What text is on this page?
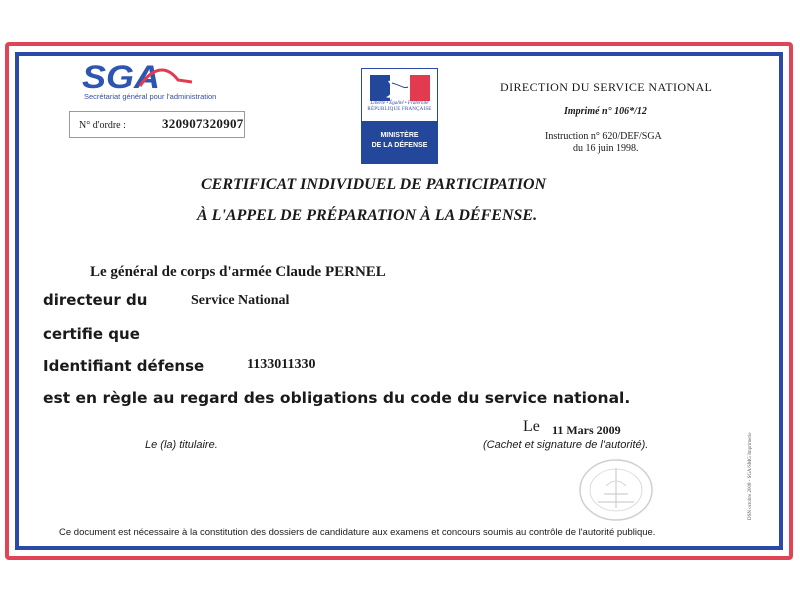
SGA
Secrétariat général pour l'administration
N° d'ordre :	320907320907
Liberté • Égalité • Fraternité
RÉPUBLIQUE FRANÇAISE
MINISTÈRE
DE LA DÉFENSE
DIRECTION DU SERVICE NATIONAL
Imprimé n° 106*/12
Instruction n° 620/DEF/SGA
du 16 juin 1998.
CERTIFICAT INDIVIDUEL DE PARTICIPATION
À L'APPEL DE PRÉPARATION À LA DÉFENSE.
Le général de corps d'armée Claude PERNEL
directeur du	Service National
certifie que
Identifiant défense	1133011330
est en règle au regard des obligations du code du service national.
Le 11 Mars 2009
Le (la) titulaire.	(Cachet et signature de l'autorité).	DSN octobre 2008 - SGA/SMG Imprimerie
Ce document est nécessaire à la constitution des dossiers de candidature aux examens et concours soumis au contrôle de l'autorité publique.
